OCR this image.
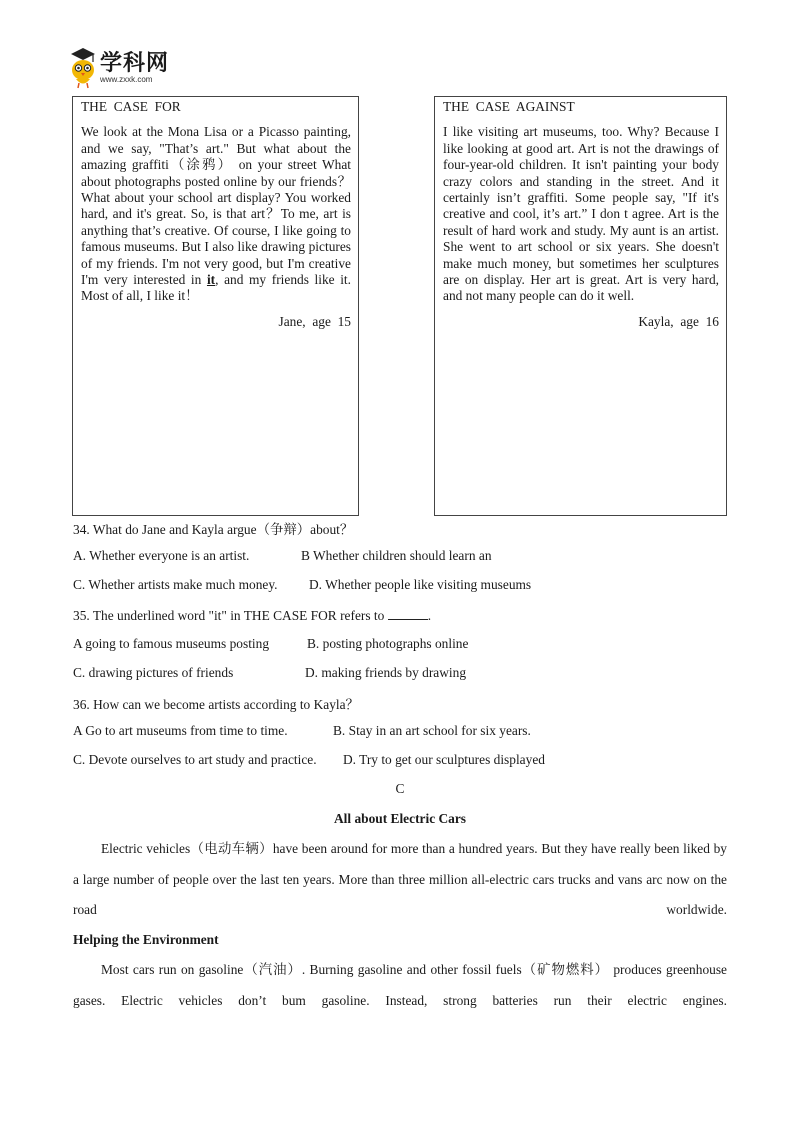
学科网
www.zxxk.com
THE  CASE  FOR

We look at the Mona Lisa or a Picasso painting, and we say, "That’s art." But what about the amazing graffiti（涂鸦） on your street What about photographs posted online by our friends？ What about your school art display? You worked hard, and it's great. So, is that art？To me, art is anything that’s creative. Of course, I like going to famous museums. But I also like drawing pictures of my friends. I'm not very good, but I'm creative I'm very interested in it, and my friends like it. Most of all, I like it！

Jane,  age  15
THE  CASE  AGAINST

I like visiting art museums, too. Why? Because I like looking at good art. Art is not the drawings of four-year-old children. It isn't painting your body crazy colors and standing in the street. And it certainly isn’t graffiti. Some people say, "If it's creative and cool, it’s art.” I don t agree. Art is the result of hard work and study. My aunt is an artist. She went to art school or six years. She doesn't make much money, but sometimes her sculptures are on display. Her art is great. Art is very hard, and not many people can do it well.

Kayla,  age  16
34. What do Jane and Kayla argue（争辩）about？
A. Whether everyone is an artist.	B Whether children should learn an
C. Whether artists make much money. D. Whether people like visiting museums
35. The underlined word "it" in THE CASE FOR refers to	.
A going to famous museums posting	B. posting photographs online
C. drawing pictures of friends	D. making friends by drawing
36. How can we become artists according to Kayla？
A Go to art museums from time to time.	B. Stay in an art school for six years.
C. Devote ourselves to art study and practice. D. Try to get our sculptures displayed
C
All about Electric Cars
Electric vehicles（电动车辆）have been around for more than a hundred years. But they have really been liked by a large number of people over the last ten years. More than three million all-electric cars trucks and vans arc now on the road worldwide.
Helping the Environment
Most cars run on gasoline（汽油）. Burning gasoline and other fossil fuels（矿物燃料） produces greenhouse gases. Electric vehicles don’t bum gasoline. Instead, strong batteries run their electric engines.
